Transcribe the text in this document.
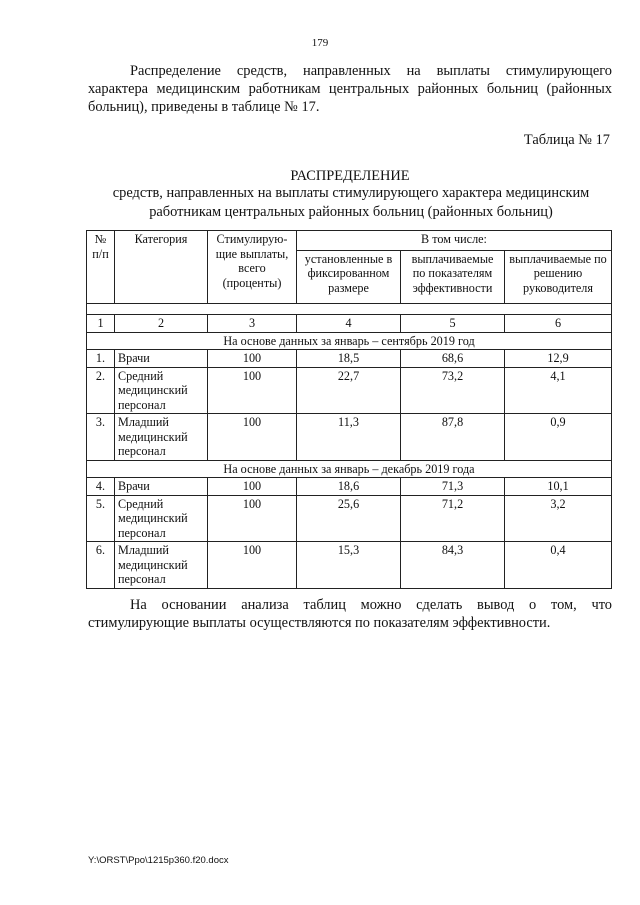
179

Распределение средств, направленных на выплаты стимулирующего характера медицинским работникам центральных районных больниц (районных больниц), приведены в таблице № 17.

Таблица № 17
РАСПРЕДЕЛЕНИЕ
средств, направленных на выплаты стимулирующего характера медицинским работникам центральных районных больниц (районных больниц)
№ п/п	Категория	Стимулирую-щие выплаты, всего (проценты)	В том числе:		
			установленные в фиксированном размере	выплачиваемые по показателям эффективности	выплачиваемые по решению руководителя

1	2	3	4	5	6
На основе данных за январь – сентябрь 2019 год					
1.	Врачи	100	18,5	68,6	12,9
2.	Средний медицинский персонал	100	22,7	73,2	4,1
3.	Младший медицинский персонал	100	11,3	87,8	0,9
На основе данных за январь – декабрь 2019 года					
4.	Врачи	100	18,6	71,3	10,1
5.	Средний медицинский персонал	100	25,6	71,2	3,2
6.	Младший медицинский персонал	100	15,3	84,3	0,4

На основании анализа таблиц можно сделать вывод о том, что стимулирующие выплаты осуществляются по показателям эффективности.

Y:\ORST\Ppo\1215p360.f20.docx
